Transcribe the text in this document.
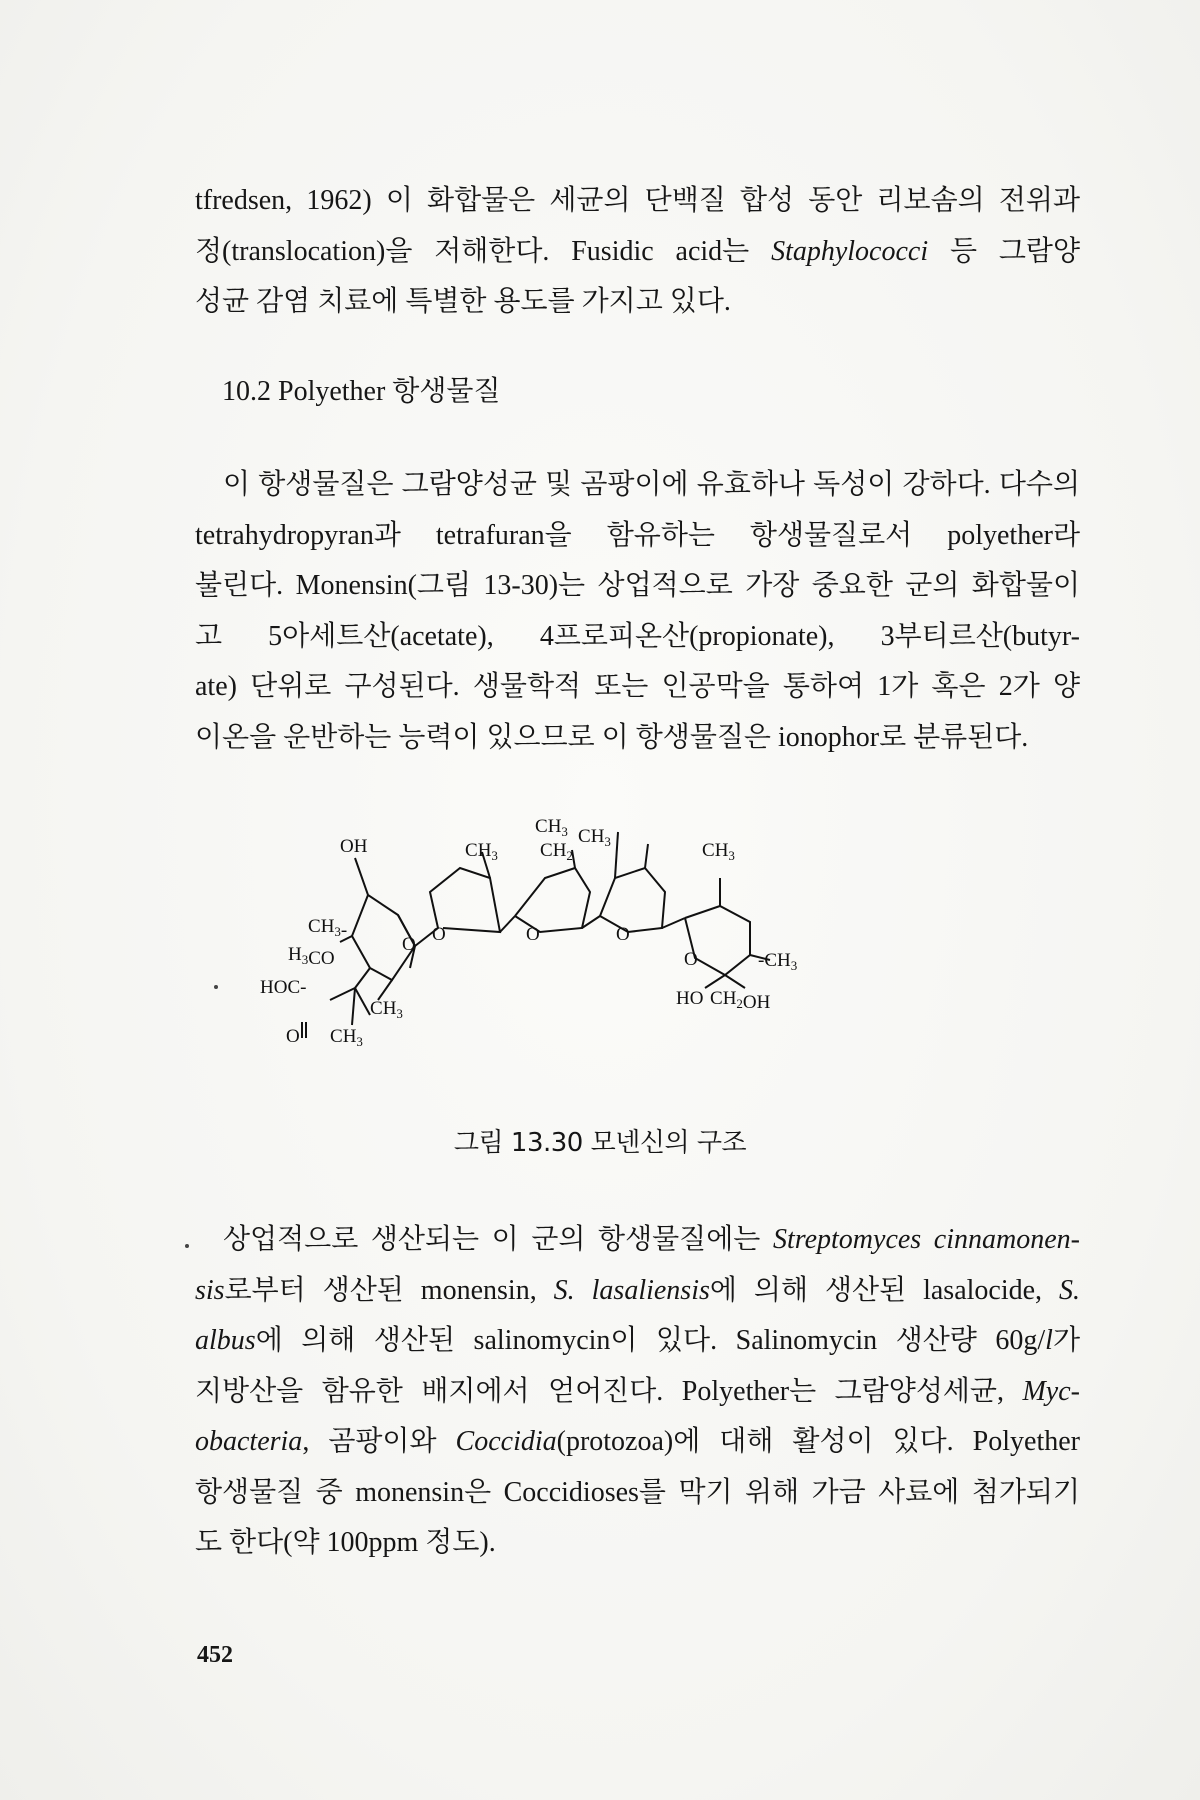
tfredsen, 1962) 이 화합물은 세균의 단백질 합성 동안 리보솜의 전위과
정(translocation)을 저해한다. Fusidic acid는 Staphylococci 등 그람양
성균 감염 치료에 특별한 용도를 가지고 있다.
10.2 Polyether 항생물질
이 항생물질은 그람양성균 및 곰팡이에 유효하나 독성이 강하다. 다수의
tetrahydropyran과 tetrafuran을 함유하는 항생물질로서 polyether라
불린다. Monensin(그림 13-30)는 상업적으로 가장 중요한 군의 화합물이
고 5아세트산(acetate), 4프로피온산(propionate), 3부티르산(butyr-
ate) 단위로 구성된다. 생물학적 또는 인공막을 통하여 1가 혹은 2가 양
이온을 운반하는 능력이 있으므로 이 항생물질은 ionophor로 분류된다.
OH
$CH_3$ $CH_3$
$CH_3$ $CH_2$	$CH_3$
$CH_3-$
$H_3CO$
HOC-
O
$CH_3$
$CH_3$
O O	O	O
O	$-CH_3$
HO $CH_2OH$
그림 13.30 모넨신의 구조
상업적으로 생산되는 이 군의 항생물질에는 Streptomyces cinnamonen-
sis로부터 생산된 monensin, S. lasaliensis에 의해 생산된 lasalocide, S.
albus에 의해 생산된 salinomycin이 있다. Salinomycin 생산량 60g/l가
지방산을 함유한 배지에서 얻어진다. Polyether는 그람양성세균, Myc-
obacteria, 곰팡이와 Coccidia(protozoa)에 대해 활성이 있다. Polyether
항생물질 중 monensin은 Coccidioses를 막기 위해 가금 사료에 첨가되기
도 한다(약 100ppm 정도).
452
